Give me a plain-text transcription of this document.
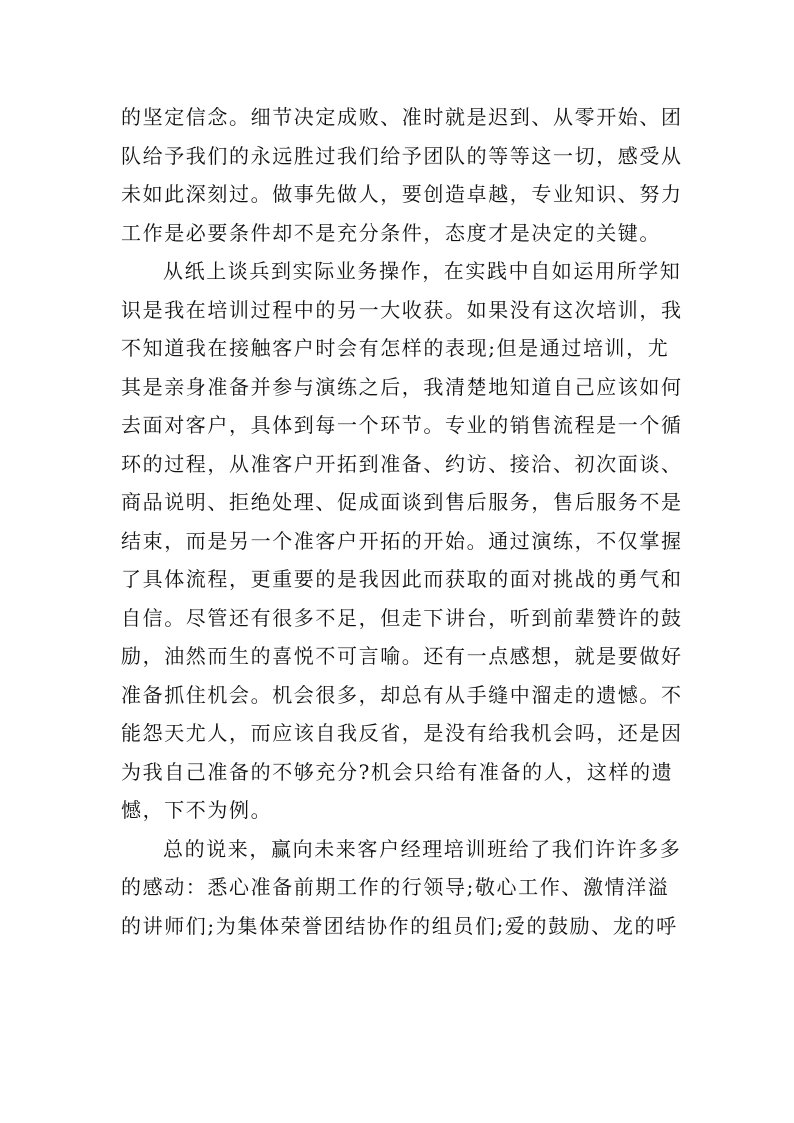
的坚定信念。细节决定成败、准时就是迟到、从零开始、团
队给予我们的永远胜过我们给予团队的等等这一切，感受从
未如此深刻过。做事先做人，要创造卓越，专业知识、努力
工作是必要条件却不是充分条件，态度才是决定的关键。
从纸上谈兵到实际业务操作，在实践中自如运用所学知
识是我在培训过程中的另一大收获。如果没有这次培训，我
不知道我在接触客户时会有怎样的表现;但是通过培训，尤
其是亲身准备并参与演练之后，我清楚地知道自己应该如何
去面对客户，具体到每一个环节。专业的销售流程是一个循
环的过程，从准客户开拓到准备、约访、接洽、初次面谈、
商品说明、拒绝处理、促成面谈到售后服务，售后服务不是
结束，而是另一个准客户开拓的开始。通过演练，不仅掌握
了具体流程，更重要的是我因此而获取的面对挑战的勇气和
自信。尽管还有很多不足，但走下讲台，听到前辈赞许的鼓
励，油然而生的喜悦不可言喻。还有一点感想，就是要做好
准备抓住机会。机会很多，却总有从手缝中溜走的遗憾。不
能怨天尤人，而应该自我反省，是没有给我机会吗，还是因
为我自己准备的不够充分?机会只给有准备的人，这样的遗
憾，下不为例。
总的说来，赢向未来客户经理培训班给了我们许许多多
的感动：悉心准备前期工作的行领导;敬心工作、激情洋溢
的讲师们;为集体荣誉团结协作的组员们;爱的鼓励、龙的呼
